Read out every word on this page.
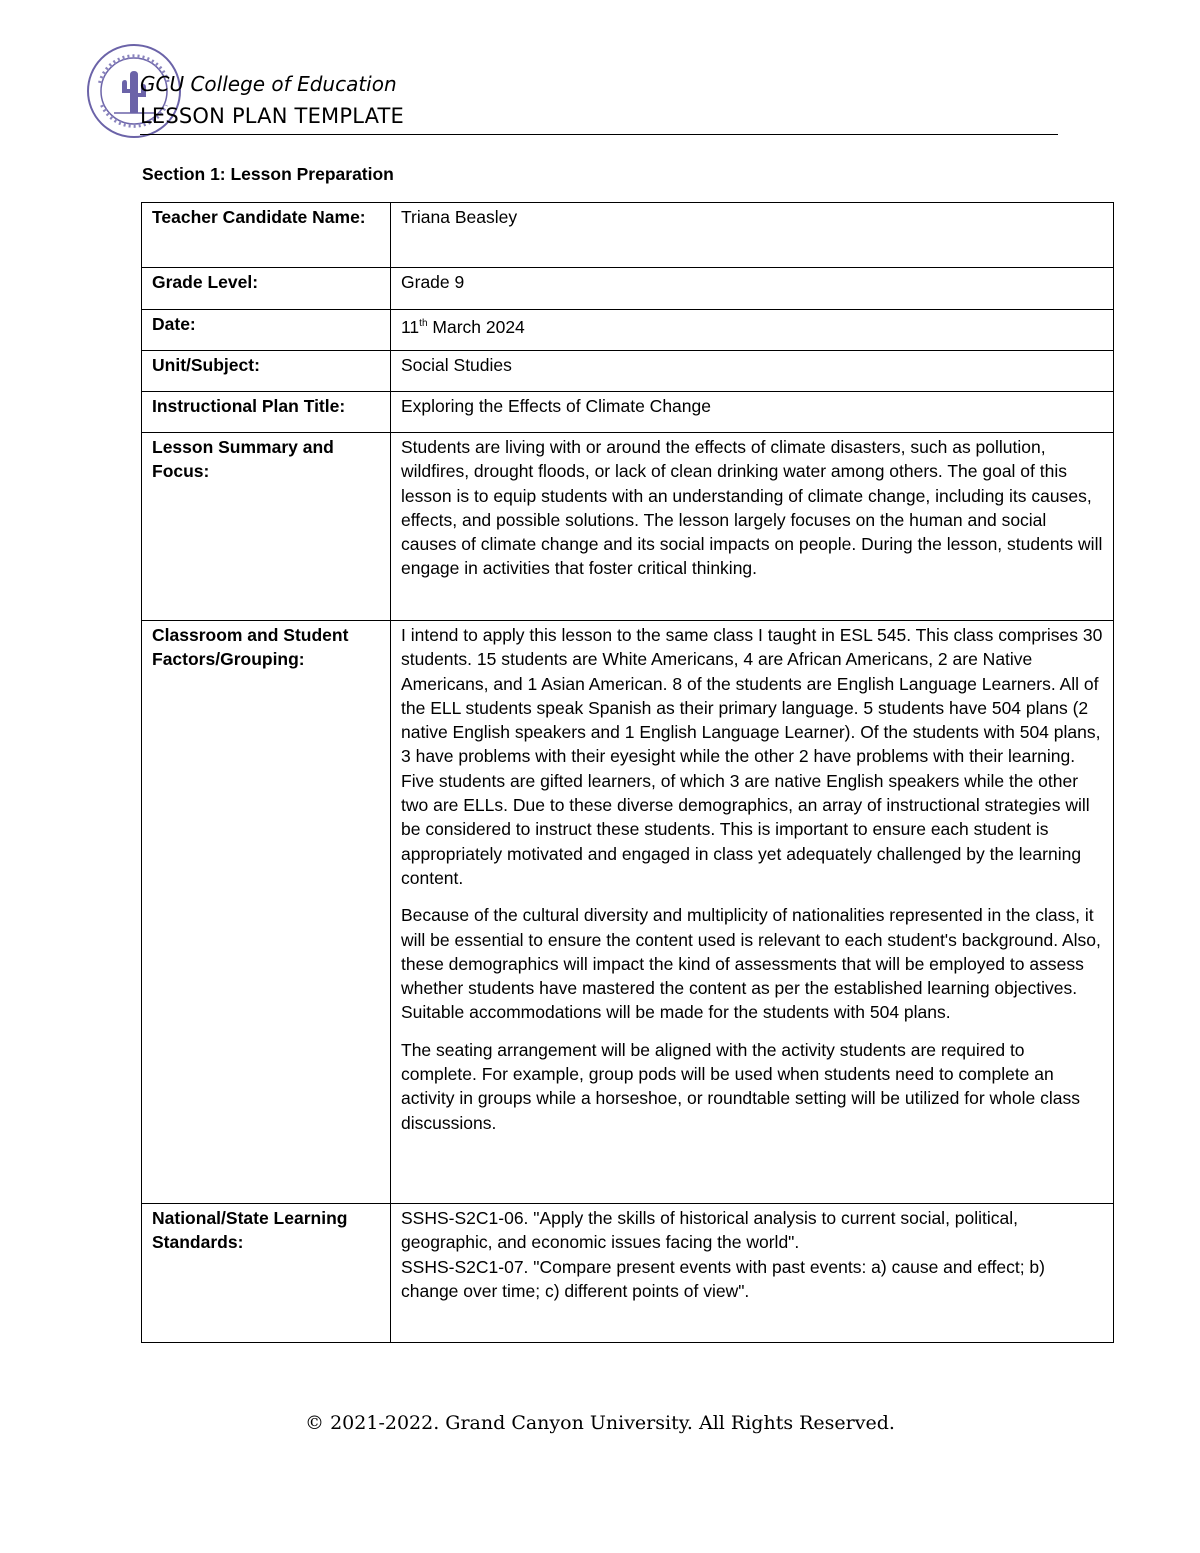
GCU College of Education
LESSON PLAN TEMPLATE
Section 1: Lesson Preparation
Teacher Candidate Name:	Triana Beasley
Grade Level:	Grade 9
Date:	11th March 2024
Unit/Subject:	Social Studies
Instructional Plan Title:	Exploring the Effects of Climate Change
Lesson Summary and Focus:	Students are living with or around the effects of climate disasters, such as pollution, wildfires, drought floods, or lack of clean drinking water among others. The goal of this lesson is to equip students with an understanding of climate change, including its causes, effects, and possible solutions. The lesson largely focuses on the human and social causes of climate change and its social impacts on people. During the lesson, students will engage in activities that foster critical thinking.
Classroom and Student Factors/Grouping:	I intend to apply this lesson to the same class I taught in ESL 545. This class comprises 30 students. 15 students are White Americans, 4 are African Americans, 2 are Native Americans, and 1 Asian American. 8 of the students are English Language Learners. All of the ELL students speak Spanish as their primary language. 5 students have 504 plans (2 native English speakers and 1 English Language Learner). Of the students with 504 plans, 3 have problems with their eyesight while the other 2 have problems with their learning. Five students are gifted learners, of which 3 are native English speakers while the other two are ELLs. Due to these diverse demographics, an array of instructional strategies will be considered to instruct these students. This is important to ensure each student is appropriately motivated and engaged in class yet adequately challenged by the learning content.

Because of the cultural diversity and multiplicity of nationalities represented in the class, it will be essential to ensure the content used is relevant to each student's background. Also, these demographics will impact the kind of assessments that will be employed to assess whether students have mastered the content as per the established learning objectives. Suitable accommodations will be made for the students with 504 plans.

The seating arrangement will be aligned with the activity students are required to complete. For example, group pods will be used when students need to complete an activity in groups while a horseshoe, or roundtable setting will be utilized for whole class discussions.

National/State Learning Standards:	SSHS-S2C1-06. "Apply the skills of historical analysis to current social, political, geographic, and economic issues facing the world".
SSHS-S2C1-07. "Compare present events with past events: a) cause and effect; b) change over time; c) different points of view".
© 2021-2022. Grand Canyon University. All Rights Reserved.
